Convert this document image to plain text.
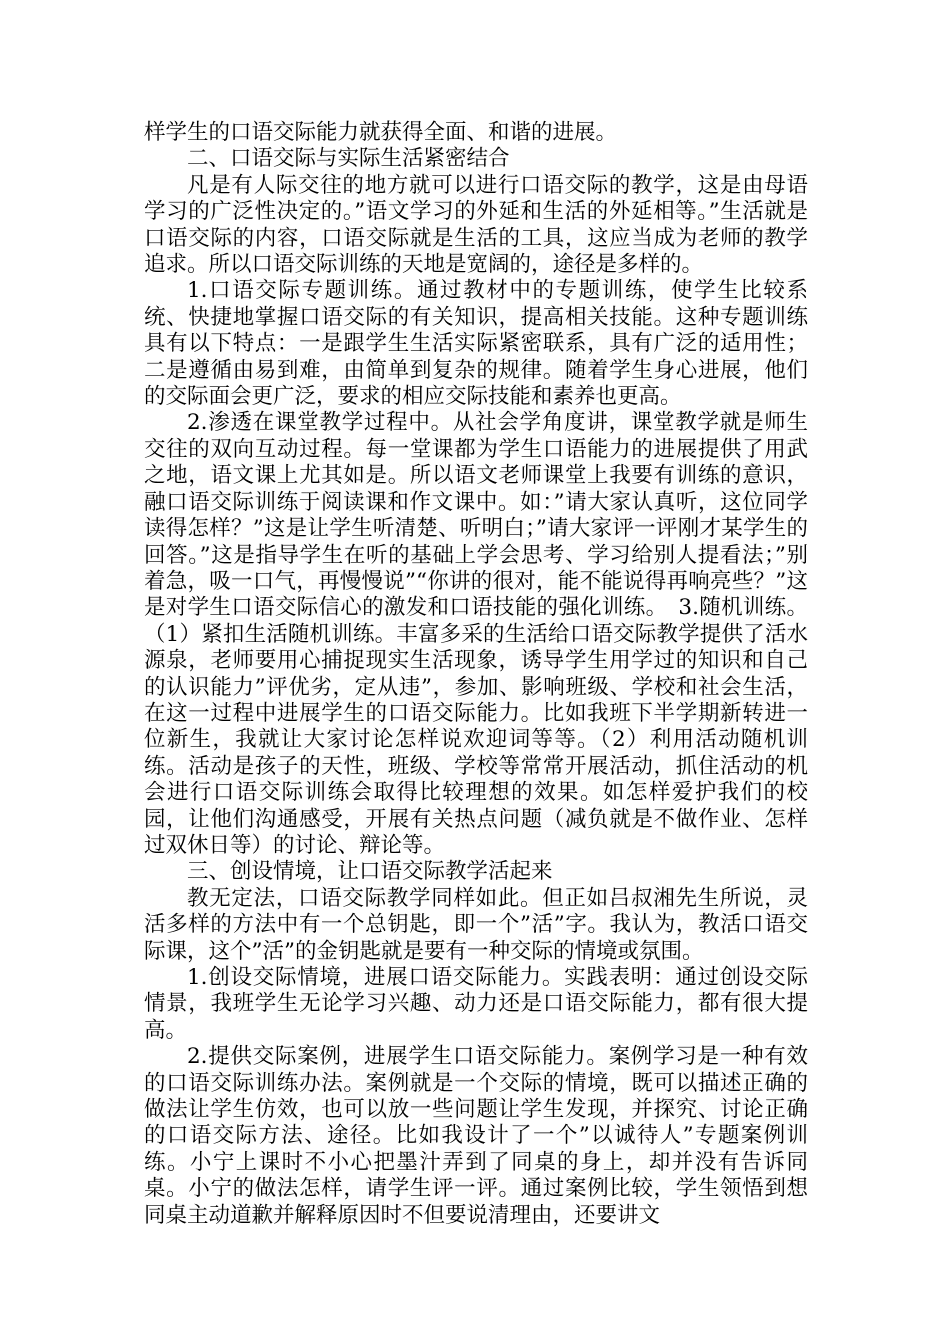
样学生的口语交际能力就获得全面、和谐的进展。

二、口语交际与实际生活紧密结合

凡是有人际交往的地方就可以进行口语交际的教学，这是由母语学习的广泛性决定的。”语文学习的外延和生活的外延相等。”生活就是口语交际的内容，口语交际就是生活的工具，这应当成为老师的教学追求。所以口语交际训练的天地是宽阔的，途径是多样的。

1.口语交际专题训练。通过教材中的专题训练，使学生比较系统、快捷地掌握口语交际的有关知识，提高相关技能。这种专题训练具有以下特点：一是跟学生生活实际紧密联系，具有广泛的适用性；二是遵循由易到难，由简单到复杂的规律。随着学生身心进展，他们的交际面会更广泛，要求的相应交际技能和素养也更高。

2.渗透在课堂教学过程中。从社会学角度讲，课堂教学就是师生交往的双向互动过程。每一堂课都为学生口语能力的进展提供了用武之地，语文课上尤其如是。所以语文老师课堂上我要有训练的意识，融口语交际训练于阅读课和作文课中。如：”请大家认真听，这位同学读得怎样？”这是让学生听清楚、听明白；”请大家评一评刚才某学生的回答。”这是指导学生在听的基础上学会思考、学习给别人提看法；”别着急，吸一口气，再慢慢说”“你讲的很对，能不能说得再响亮些？”这是对学生口语交际信心的激发和口语技能的强化训练。　3.随机训练。（1）紧扣生活随机训练。丰富多采的生活给口语交际教学提供了活水源泉，老师要用心捕捉现实生活现象，诱导学生用学过的知识和自己的认识能力”评优劣，定从违”，参加、影响班级、学校和社会生活，在这一过程中进展学生的口语交际能力。比如我班下半学期新转进一位新生，我就让大家讨论怎样说欢迎词等等。（2）利用活动随机训练。活动是孩子的天性，班级、学校等常常开展活动，抓住活动的机会进行口语交际训练会取得比较理想的效果。如怎样爱护我们的校园，让他们沟通感受，开展有关热点问题（减负就是不做作业、怎样过双休日等）的讨论、辩论等。

三、创设情境，让口语交际教学活起来

教无定法，口语交际教学同样如此。但正如吕叔湘先生所说，灵活多样的方法中有一个总钥匙，即一个”活”字。我认为，教活口语交际课，这个”活”的金钥匙就是要有一种交际的情境或氛围。

1.创设交际情境，进展口语交际能力。实践表明：通过创设交际情景，我班学生无论学习兴趣、动力还是口语交际能力，都有很大提高。

2.提供交际案例，进展学生口语交际能力。案例学习是一种有效的口语交际训练办法。案例就是一个交际的情境，既可以描述正确的做法让学生仿效，也可以放一些问题让学生发现，并探究、讨论正确的口语交际方法、途径。比如我设计了一个”以诚待人”专题案例训练。小宁上课时不小心把墨汁弄到了同桌的身上，却并没有告诉同桌。小宁的做法怎样，请学生评一评。通过案例比较，学生领悟到想同桌主动道歉并解释原因时不但要说清理由，还要讲文
